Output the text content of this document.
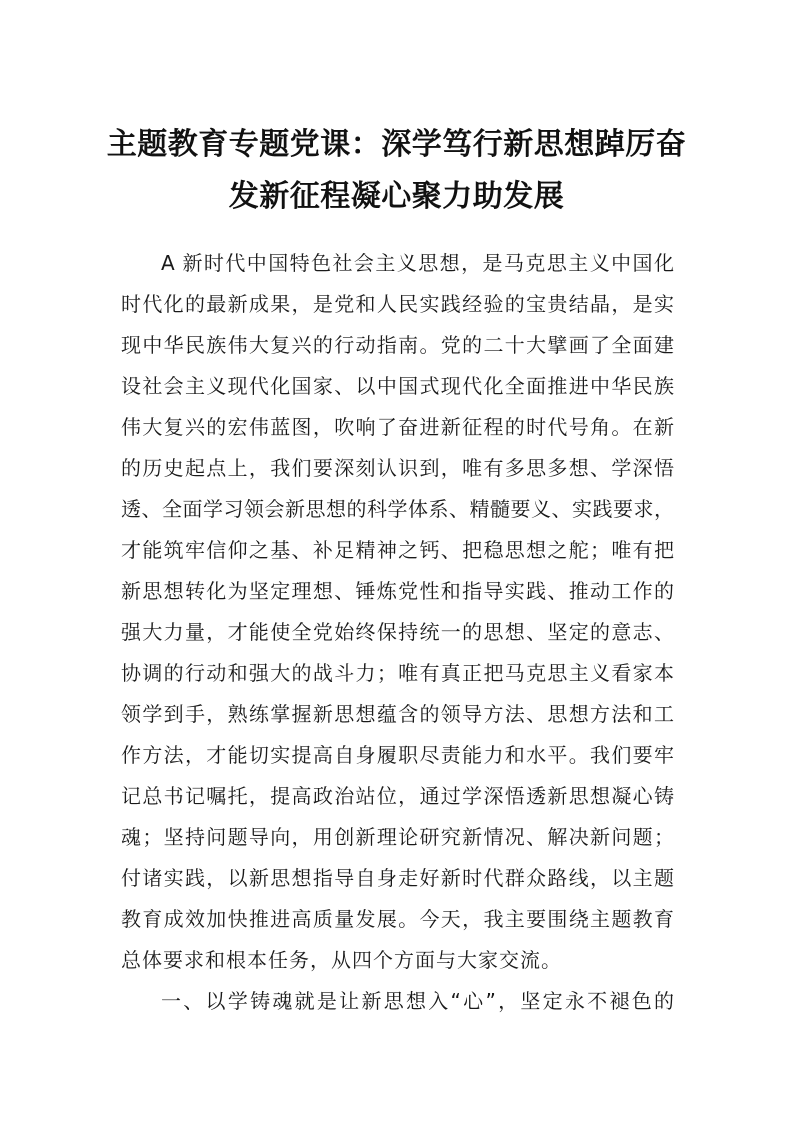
主题教育专题党课：深学笃行新思想踔厉奋
发新征程凝心聚力助发展
A 新时代中国特色社会主义思想，是马克思主义中国化
时代化的最新成果，是党和人民实践经验的宝贵结晶，是实
现中华民族伟大复兴的行动指南。党的二十大擘画了全面建
设社会主义现代化国家、以中国式现代化全面推进中华民族
伟大复兴的宏伟蓝图，吹响了奋进新征程的时代号角。在新
的历史起点上，我们要深刻认识到，唯有多思多想、学深悟
透、全面学习领会新思想的科学体系、精髓要义、实践要求，
才能筑牢信仰之基、补足精神之钙、把稳思想之舵；唯有把
新思想转化为坚定理想、锤炼党性和指导实践、推动工作的
强大力量，才能使全党始终保持统一的思想、坚定的意志、
协调的行动和强大的战斗力；唯有真正把马克思主义看家本
领学到手，熟练掌握新思想蕴含的领导方法、思想方法和工
作方法，才能切实提高自身履职尽责能力和水平。我们要牢
记总书记嘱托，提高政治站位，通过学深悟透新思想凝心铸
魂；坚持问题导向，用创新理论研究新情况、解决新问题；
付诸实践，以新思想指导自身走好新时代群众路线，以主题
教育成效加快推进高质量发展。今天，我主要围绕主题教育
总体要求和根本任务，从四个方面与大家交流。
一、以学铸魂就是让新思想入“心”，坚定永不褪色的
